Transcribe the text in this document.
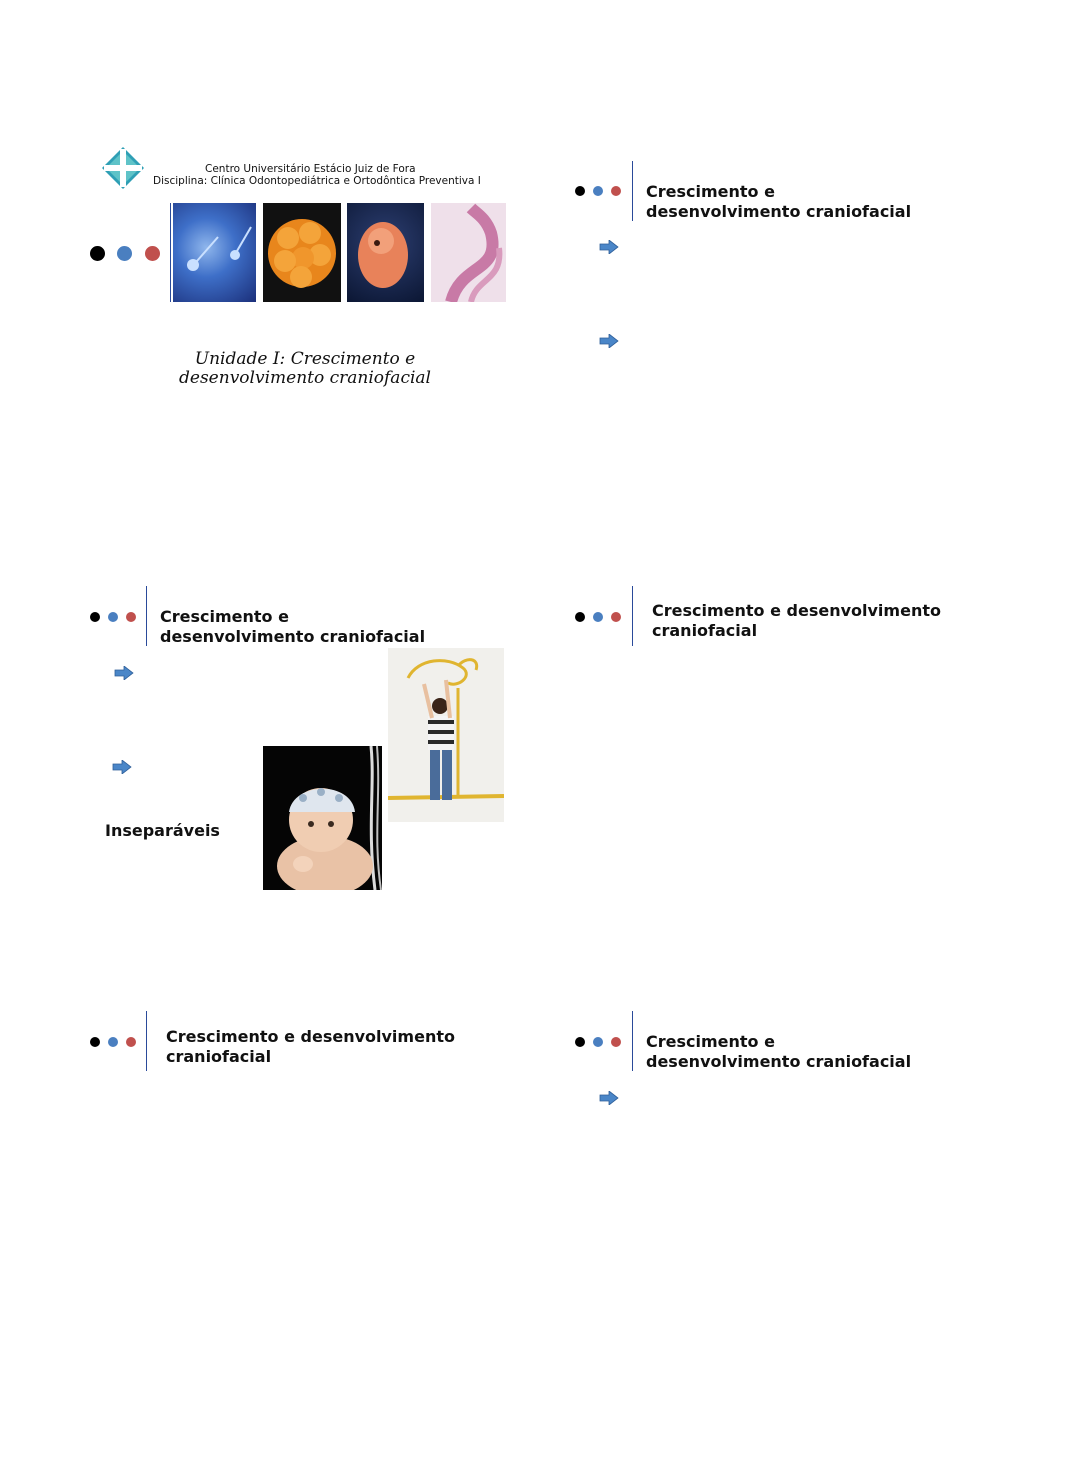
Centro Universitário Estácio Juiz de Fora
Disciplina: Clínica Odontopediátrica e Ortodôntica Preventiva I
Unidade I: Crescimento e
desenvolvimento craniofacial
Crescimento e
desenvolvimento craniofacial
Crescimento e
desenvolvimento craniofacial
Inseparáveis
Crescimento e desenvolvimento
craniofacial
Crescimento e desenvolvimento
craniofacial
Crescimento e
desenvolvimento craniofacial
